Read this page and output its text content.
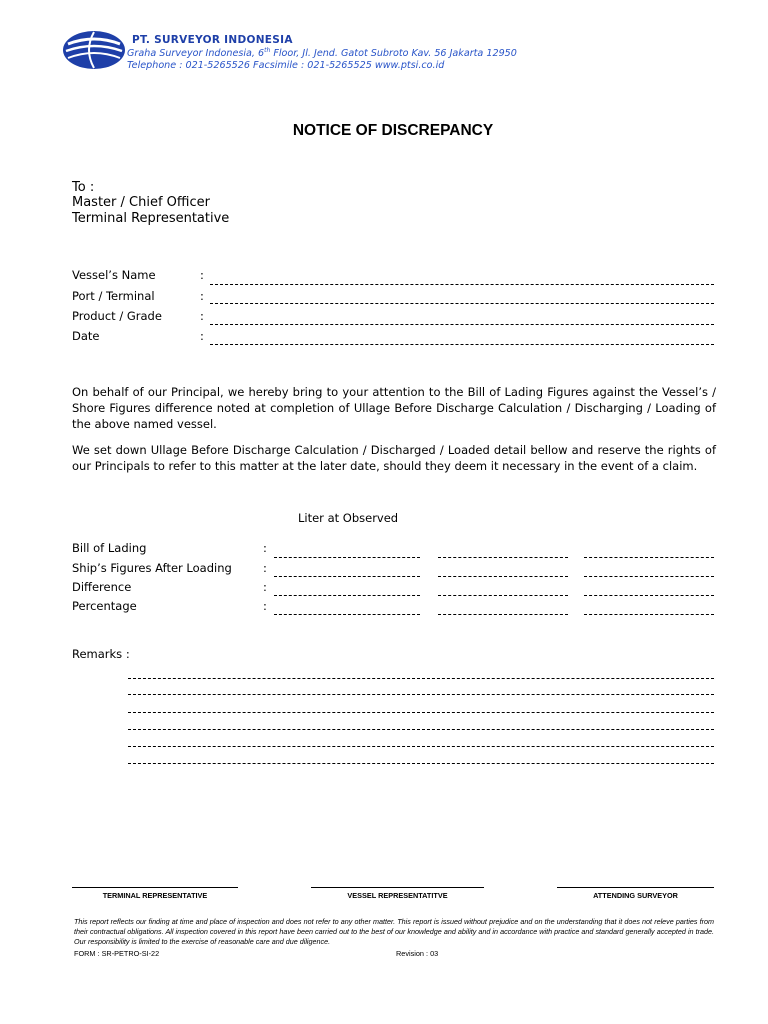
PT. SURVEYOR INDONESIA
Graha Surveyor Indonesia, 6th Floor, Jl. Jend. Gatot Subroto Kav. 56 Jakarta 12950
Telephone : 021-5265526 Facsimile : 021-5265525 www.ptsi.co.id
NOTICE OF DISCREPANCY
To :
Master / Chief Officer
Terminal Representative
Vessel’s Name	:
Port / Terminal	:
Product / Grade	:
Date	:
On behalf of our Principal, we hereby bring to your attention to the Bill of Lading Figures against the Vessel’s / Shore Figures difference noted at completion of Ullage Before Discharge Calculation / Discharging / Loading of the above named vessel.
We set down Ullage Before Discharge Calculation / Discharged / Loaded detail bellow and reserve the rights of our Principals to refer to this matter at the later date, should they deem it necessary in the event of a claim.
Liter at Observed
Bill of Lading	:
Ship’s Figures After Loading	:
Difference	:
Percentage	:
Remarks :
TERMINAL REPRESENTATIVE	VESSEL REPRESENTATITVE	ATTENDING SURVEYOR
This report reflects our finding at time and place of inspection and does not refer to any other matter. This report is issued without prejudice and on the understanding that it does not releve parties from their contractual obligations. All inspection covered in this report have been carried out to the best of our knowledge and ability and in accordance with practice and standard generally accepted in trade. Our responsibility is limited to the exercise of reasonable care and due diligence.
FORM : SR-PETRO-SI-22	Revision : 03
